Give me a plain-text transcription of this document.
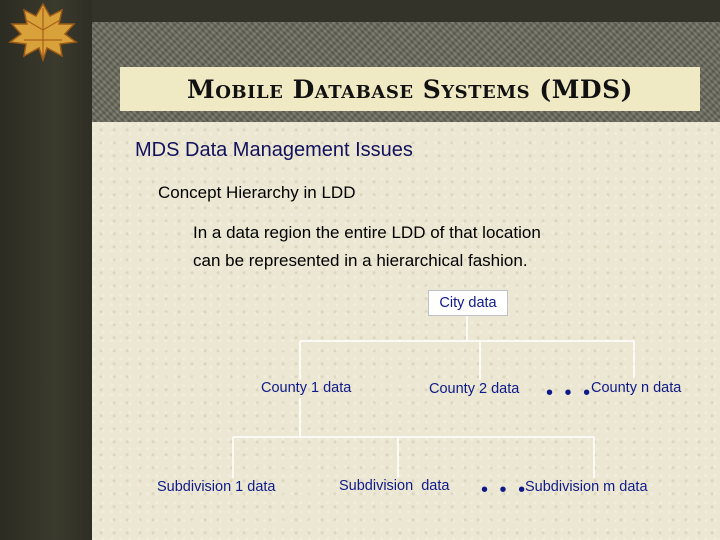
Mobile Database Systems (MDS)
MDS Data Management Issues
Concept Hierarchy in LDD
In a data region the entire LDD of that location
can be represented in a hierarchical fashion.
City data
County 1 data	County 2 data • • •
County n data
Subdivision 1 data	Subdivision  data • • •
Subdivision m data
